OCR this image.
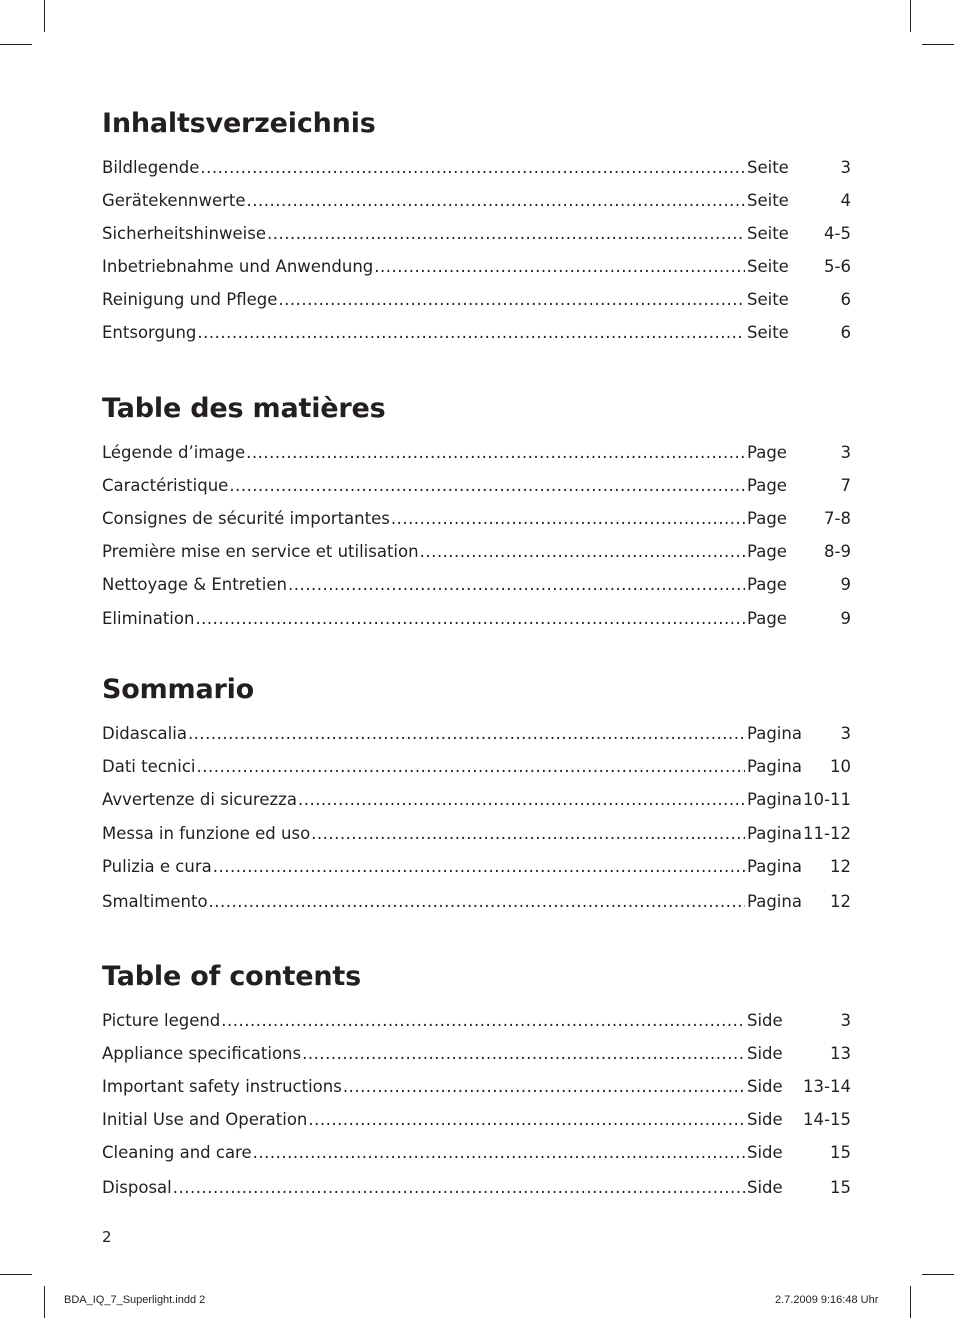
Inhaltsverzeichnis
Bildlegende .....	Seite	3
Gerätekennwerte .....	Seite	4
Sicherheitshinweise .....	Seite	4-5
Inbetriebnahme und Anwendung .....	Seite	5-6
Reinigung und Pflege .....	Seite	6
Entsorgung .....	Seite	6
Table des matières
Légende d’image .....	Page	3
Caractéristique .....	Page	7
Consignes de sécurité importantes .....	Page	7-8
Première mise en service et utilisation .....	Page	8-9
Nettoyage & Entretien .....	Page	9
Elimination .....	Page	9
Sommario
Didascalia .....	Pagina	3
Dati tecnici .....	Pagina	10
Avvertenze di sicurezza .....	Pagina 10-11
Messa in funzione ed uso .....	Pagina 11-12
Pulizia e cura .....	Pagina	12
Smaltimento .....	Pagina	12
Table of contents
Picture legend .....	Side	3
Appliance specifications .....	Side	13
Important safety instructions .....	Side	13-14
Initial Use and Operation .....	Side	14-15
Cleaning and care .....	Side	15
Disposal .....	Side	15
2
BDA_IQ_7_Superlight.indd 2	2.7.2009 9:16:48 Uhr
